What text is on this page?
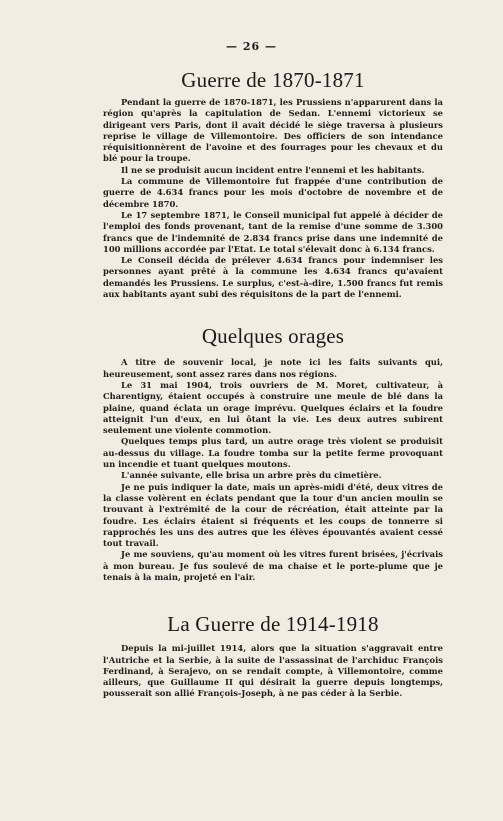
— 26 —
Guerre de 1870-1871

Pendant la guerre de 1870-1871, les Prussiens n'apparurent dans la région qu'après la capitulation de Sedan. L'ennemi victorieux se dirigeant vers Paris, dont il avait décidé le siège traversa à plusieurs reprise le village de Villemontoire. Des officiers de son intendance réquisitionnèrent de l'avoine et des fourrages pour les chevaux et du blé pour la troupe.

Il ne se produisit aucun incident entre l'ennemi et les habitants.

La commune de Villemontoire fut frappée d'une contribution de guerre de 4.634 francs pour les mois d'octobre de novembre et de décembre 1870.

Le 17 septembre 1871, le Conseil municipal fut appelé à décider de l'emploi des fonds provenant, tant de la remise d'une somme de 3.300 francs que de l'indemnité de 2.834 francs prise dans une indemnité de 100 millions accordée par l'Etat. Le total s'élevait donc à 6.134 francs.

Le Conseil décida de prélever 4.634 francs pour indemniser les personnes ayant prêté à la commune les 4.634 francs qu'avaient demandés les Prussiens. Le surplus, c'est-à-dire, 1.500 francs fut remis aux habitants ayant subi des réquisitons de la part de l'ennemi.

Quelques orages

A titre de souvenir local, je note ici les faits suivants qui, heureusement, sont assez rares dans nos régions.

Le 31 mai 1904, trois ouvriers de M. Moret, cultivateur, à Charentigny, étaient occupés à construire une meule de blé dans la plaine, quand éclata un orage imprévu. Quelques éclairs et la foudre atteignit l'un d'eux, en lui ôtant la vie. Les deux autres subirent seulement une violente commotion.

Quelques temps plus tard, un autre orage très violent se produisit au-dessus du village. La foudre tomba sur la petite ferme provoquant un incendie et tuant quelques moutons.

L'année suivante, elle brisa un arbre près du cimetière.

Je ne puis indiquer la date, mais un après-midi d'été, deux vitres de la classe volèrent en éclats pendant que la tour d'un ancien moulin se trouvant à l'extrémité de la cour de récréation, était atteinte par la foudre. Les éclairs étaient si fréquents et les coups de tonnerre si rapprochés les uns des autres que les élèves épouvantés avaient cessé tout travail.

Je me souviens, qu'au moment où les vitres furent brisées, j'écrivais à mon bureau. Je fus soulevé de ma chaise et le porte-plume que je tenais à la main, projeté en l'air.

La Guerre de 1914-1918

Depuis la mi-juillet 1914, alors que la situation s'aggravait entre l'Autriche et la Serbie, à la suite de l'assassinat de l'archiduc François Ferdinand, à Serajevo, on se rendait compte, à Villemontoire, comme ailleurs, que Guillaume II qui désirait la guerre depuis longtemps, pousserait son allié François-Joseph, à ne pas céder à la Serbie.
